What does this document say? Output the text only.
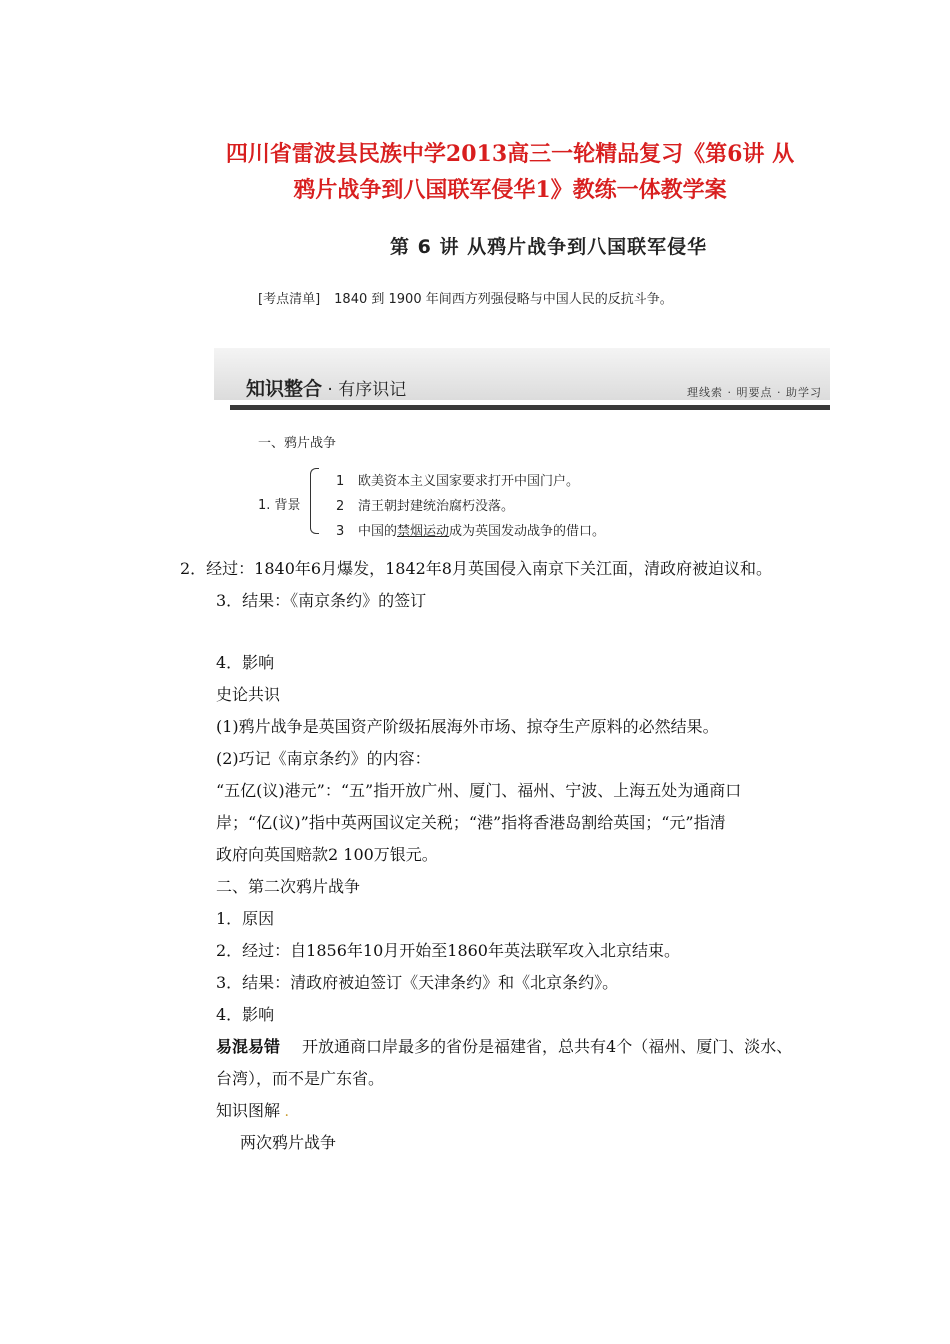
四川省雷波县民族中学2013高三一轮精品复习《第6讲 从
鸦片战争到八国联军侵华1》教练一体教学案
第 6 讲 从鸦片战争到八国联军侵华
[考点清单] 1840 到 1900 年间西方列强侵略与中国人民的反抗斗争。
知识整合 · 有序识记	理线索 · 明要点 · 助学习
一、鸦片战争
1. 背景
1 欧美资本主义国家要求打开中国门户。
2 清王朝封建统治腐朽没落。
3 中国的禁烟运动成为英国发动战争的借口。
2．经过：1840年6月爆发，1842年8月英国侵入南京下关江面，清政府被迫议和。
3．结果：《南京条约》的签订
4．影响
史论共识
(1)鸦片战争是英国资产阶级拓展海外市场、掠夺生产原料的必然结果。
(2)巧记《南京条约》的内容：
“五亿(议)港元”：“五”指开放广州、厦门、福州、宁波、上海五处为通商口
岸；“亿(议)”指中英两国议定关税；“港”指将香港岛割给英国；“元”指清
政府向英国赔款2 100万银元。
二、第二次鸦片战争
1．原因
2．经过：自1856年10月开始至1860年英法联军攻入北京结束。
3．结果：清政府被迫签订《天津条约》和《北京条约》。
4．影响
易混易错 开放通商口岸最多的省份是福建省，总共有4个（福州、厦门、淡水、
台湾），而不是广东省。
知识图解 .
两次鸦片战争
